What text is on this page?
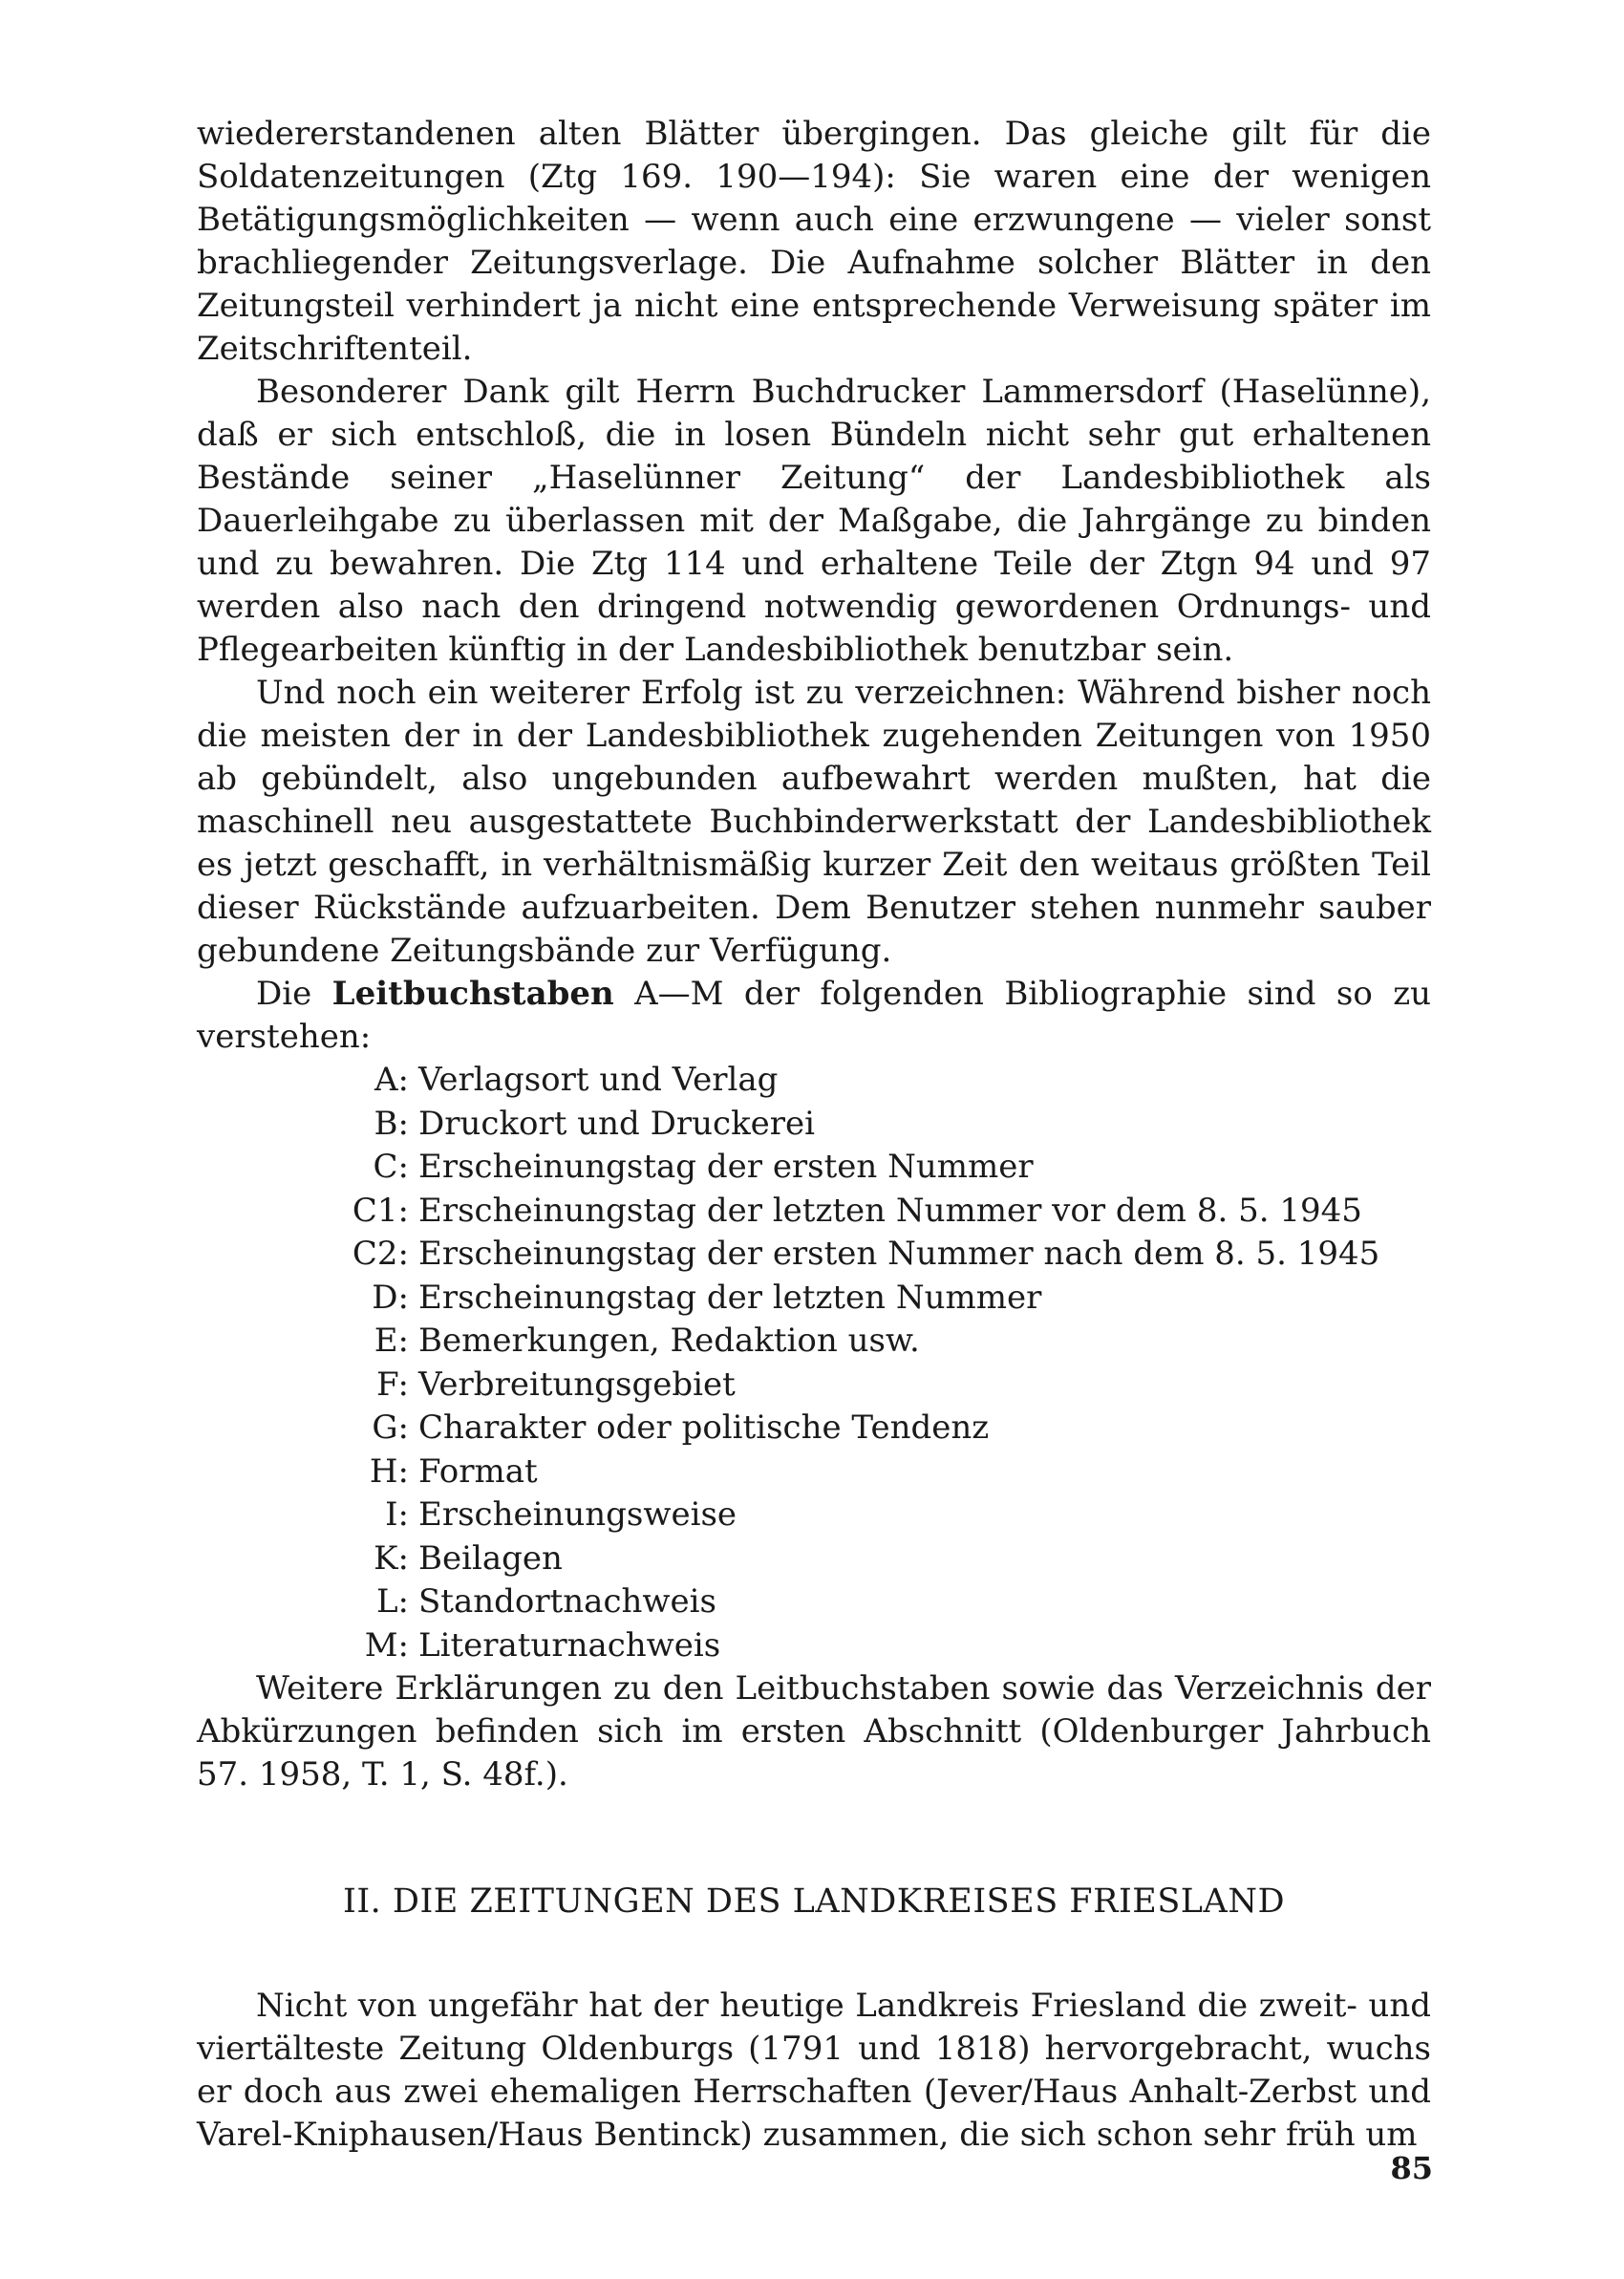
wiedererstandenen alten Blätter übergingen. Das gleiche gilt für die Soldatenzeitungen (Ztg 169. 190—194): Sie waren eine der wenigen Betätigungsmöglichkeiten — wenn auch eine erzwungene — vieler sonst brachliegender Zeitungsverlage. Die Aufnahme solcher Blätter in den Zeitungsteil verhindert ja nicht eine entsprechende Verweisung später im Zeitschriftenteil.

Besonderer Dank gilt Herrn Buchdrucker Lammersdorf (Haselünne), daß er sich entschloß, die in losen Bündeln nicht sehr gut erhaltenen Bestände seiner „Haselünner Zeitung“ der Landesbibliothek als Dauerleihgabe zu überlassen mit der Maßgabe, die Jahrgänge zu binden und zu bewahren. Die Ztg 114 und erhaltene Teile der Ztgn 94 und 97 werden also nach den dringend notwendig gewordenen Ordnungs- und Pflegearbeiten künftig in der Landesbibliothek benutzbar sein.

Und noch ein weiterer Erfolg ist zu verzeichnen: Während bisher noch die meisten der in der Landesbibliothek zugehenden Zeitungen von 1950 ab gebündelt, also ungebunden aufbewahrt werden mußten, hat die maschinell neu ausgestattete Buchbinderwerkstatt der Landesbibliothek es jetzt geschafft, in verhältnismäßig kurzer Zeit den weitaus größten Teil dieser Rückstände aufzuarbeiten. Dem Benutzer stehen nunmehr sauber gebundene Zeitungsbände zur Verfügung.

Die Leitbuchstaben A—M der folgenden Bibliographie sind so zu verstehen:

A: Verlagsort und Verlag
B: Druckort und Druckerei
C: Erscheinungstag der ersten Nummer
C1: Erscheinungstag der letzten Nummer vor dem 8. 5. 1945
C2: Erscheinungstag der ersten Nummer nach dem 8. 5. 1945
D: Erscheinungstag der letzten Nummer
E: Bemerkungen, Redaktion usw.
F: Verbreitungsgebiet
G: Charakter oder politische Tendenz
H: Format
I: Erscheinungsweise
K: Beilagen
L: Standortnachweis
M: Literaturnachweis

Weitere Erklärungen zu den Leitbuchstaben sowie das Verzeichnis der Abkürzungen befinden sich im ersten Abschnitt (Oldenburger Jahrbuch 57. 1958, T. 1, S. 48f.).

II. DIE ZEITUNGEN DES LANDKREISES FRIESLAND

Nicht von ungefähr hat der heutige Landkreis Friesland die zweit- und viertälteste Zeitung Oldenburgs (1791 und 1818) hervorgebracht, wuchs er doch aus zwei ehemaligen Herrschaften (Jever/Haus Anhalt-Zerbst und Varel-Kniphausen/Haus Bentinck) zusammen, die sich schon sehr früh um

85
